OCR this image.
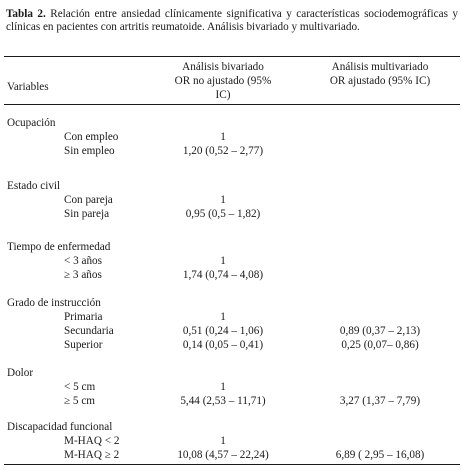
Tabla 2. Relación entre ansiedad clínicamente significativa y características sociodemográficas y clínicas en pacientes con artritis reumatoide. Análisis bivariado y multivariado.
Variables
Análisis bivariado
OR no ajustado (95%
IC)
Análisis multivariado
OR ajustado (95% IC)
Ocupación
Con empleo	1
Sin empleo	1,20 (0,52 – 2,77)
Estado civil
Con pareja	1
Sin pareja	0,95 (0,5 – 1,82)
Tiempo de enfermedad
< 3 años	1
≥ 3 años	1,74 (0,74 – 4,08)
Grado de instrucción
Primaria	1
Secundaria	0,51 (0,24 – 1,06)	0,89 (0,37 – 2,13)
Superior	0,14 (0,05 – 0,41)	0,25 (0,07– 0,86)
Dolor
< 5 cm	1
≥ 5 cm	5,44 (2,53 – 11,71)	3,27 (1,37 – 7,79)
Discapacidad funcional
M-HAQ < 2	1
M-HAQ ≥ 2	10,08 (4,57 – 22,24)	6,89 ( 2,95 – 16,08)
